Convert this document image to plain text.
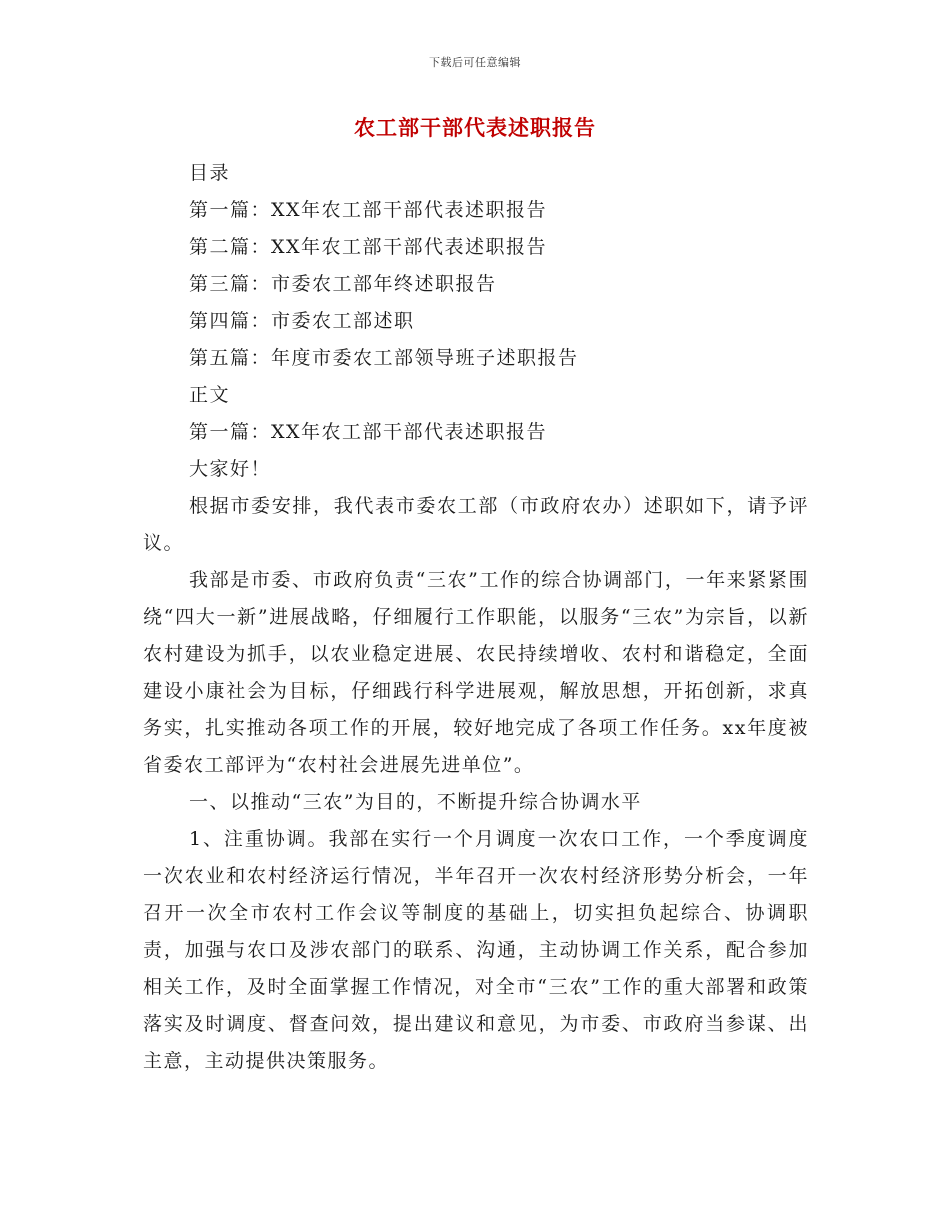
下载后可任意编辑
农工部干部代表述职报告
目录
第一篇：XX年农工部干部代表述职报告
第二篇：XX年农工部干部代表述职报告
第三篇：市委农工部年终述职报告
第四篇：市委农工部述职
第五篇：年度市委农工部领导班子述职报告
正文
第一篇：XX年农工部干部代表述职报告
大家好！

根据市委安排，我代表市委农工部（市政府农办）述职如下，请予评议。

我部是市委、市政府负责“三农”工作的综合协调部门，一年来紧紧围绕“四大一新”进展战略，仔细履行工作职能，以服务“三农”为宗旨，以新农村建设为抓手，以农业稳定进展、农民持续增收、农村和谐稳定，全面建设小康社会为目标，仔细践行科学进展观，解放思想，开拓创新，求真务实，扎实推动各项工作的开展，较好地完成了各项工作任务。xx年度被省委农工部评为“农村社会进展先进单位”。

一、以推动“三农”为目的，不断提升综合协调水平

1、注重协调。我部在实行一个月调度一次农口工作，一个季度调度一次农业和农村经济运行情况，半年召开一次农村经济形势分析会，一年召开一次全市农村工作会议等制度的基础上，切实担负起综合、协调职责，加强与农口及涉农部门的联系、沟通，主动协调工作关系，配合参加相关工作，及时全面掌握工作情况，对全市“三农”工作的重大部署和政策落实及时调度、督查问效，提出建议和意见，为市委、市政府当参谋、出主意，主动提供决策服务。
